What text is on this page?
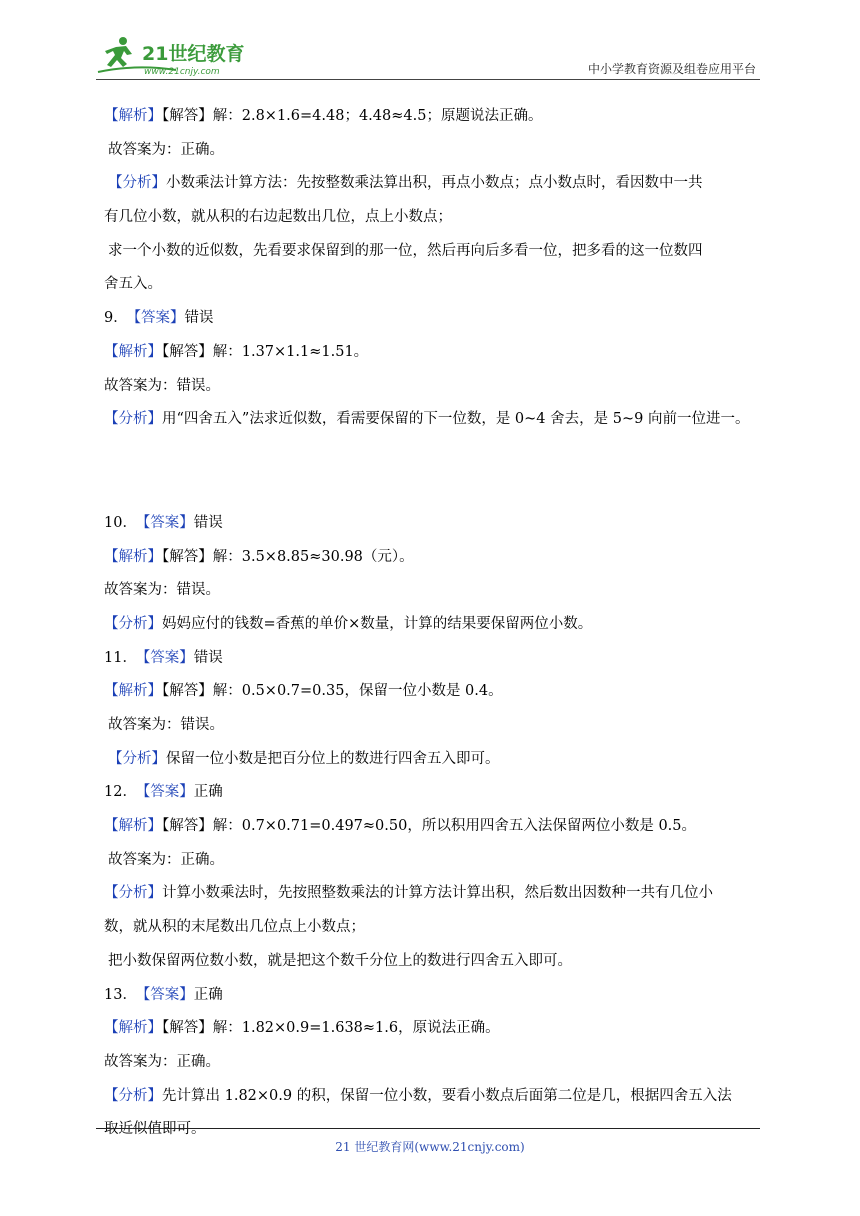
21世纪教育
www.21cnjy.com	中小学教育资源及组卷应用平台
【解析】【解答】解：2.8×1.6=4.48；4.48≈4.5；原题说法正确。
故答案为：正确。
【分析】小数乘法计算方法：先按整数乘法算出积，再点小数点；点小数点时，看因数中一共
有几位小数，就从积的右边起数出几位，点上小数点；
求一个小数的近似数，先看要求保留到的那一位，然后再向后多看一位，把多看的这一位数四
舍五入。
9． 【答案】错误
【解析】【解答】解：1.37×1.1≈1.51。
故答案为：错误。
【分析】用“四舍五入”法求近似数，看需要保留的下一位数，是 0~4 舍去，是 5~9 向前一位进一。
10． 【答案】错误
【解析】【解答】解：3.5×8.85≈30.98（元）。
故答案为：错误。
【分析】妈妈应付的钱数=香蕉的单价×数量，计算的结果要保留两位小数。
11． 【答案】错误
【解析】【解答】解：0.5×0.7=0.35，保留一位小数是 0.4。
故答案为：错误。
【分析】保留一位小数是把百分位上的数进行四舍五入即可。
12． 【答案】正确
【解析】【解答】解：0.7×0.71=0.497≈0.50，所以积用四舍五入法保留两位小数是 0.5。
故答案为：正确。
【分析】计算小数乘法时，先按照整数乘法的计算方法计算出积，然后数出因数种一共有几位小
数，就从积的末尾数出几位点上小数点；
把小数保留两位数小数，就是把这个数千分位上的数进行四舍五入即可。
13． 【答案】正确
【解析】【解答】解：1.82×0.9=1.638≈1.6，原说法正确。
故答案为：正确。
【分析】先计算出 1.82×0.9 的积，保留一位小数，要看小数点后面第二位是几，根据四舍五入法
取近似值即可。
21 世纪教育网(www.21cnjy.com)
